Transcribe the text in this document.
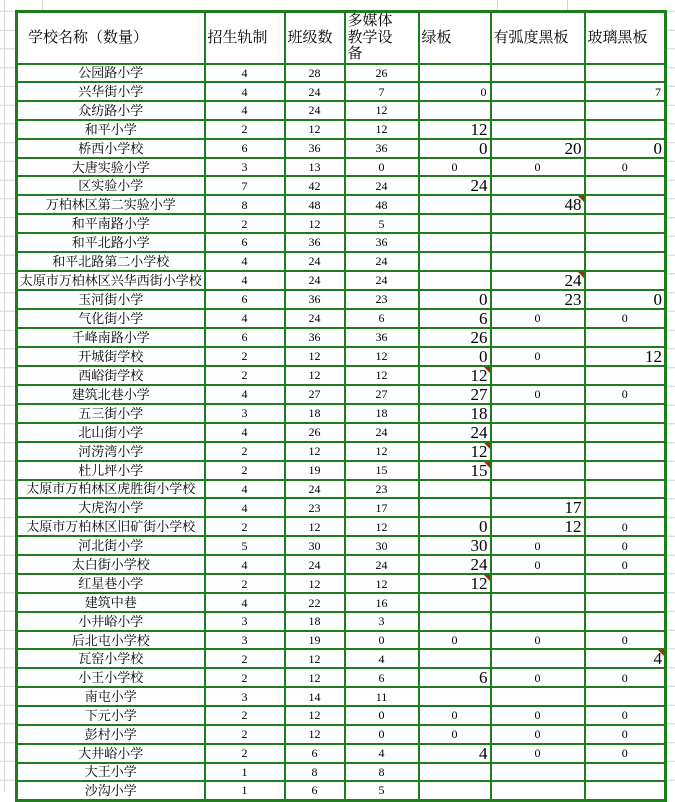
学校名称（数量）	招生轨制	班级数	多媒体教学设备	绿板	有弧度黑板	玻璃黑板
公园路小学	4	28	26			
兴华街小学	4	24	7	0		7
众纺路小学	4	24	12			
和平小学	2	12	12	12		
桥西小学校	6	36	36	0	20	0
大唐实验小学	3	13	0	0	0	0
区实验小学	7	42	24	24		
万柏林区第二实验小学	8	48	48		48

和平南路小学	2	12	5			
和平北路小学	6	36	36			
和平北路第二小学校	4	24	24			
太原市万柏林区兴华西街小学校	4	24	24		24

玉河街小学	6	36	23	0	23	0
气化街小学	4	24	6	6	0	0
千峰南路小学	6	36	36	26		
开城街学校	2	12	12	0	0	12
西峪街学校	2	12	12	12

建筑北巷小学	4	27	27	27	0	0
五三街小学	3	18	18	18		
北山街小学	4	26	24	24		
河涝湾小学	2	12	12	12

杜儿坪小学	2	19	15	15

太原市万柏林区虎胜街小学校	4	24	23			
大虎沟小学	4	23	17		17	
太原市万柏林区旧矿街小学校	2	12	12	0	12	0
河北街小学	5	30	30	30	0	0
太白街小学校	4	24	24	24	0	0
红星巷小学	2	12	12	12

建筑中巷	4	22	16			
小井峪小学	3	18	3			
后北屯小学校	3	19	0	0	0	0
瓦窑小学校	2	12	4			4

小王小学校	2	12	6	6	0	0
南屯小学	3	14	11			
下元小学	2	12	0	0	0	0
彭村小学	2	12	0	0	0	0
大井峪小学	2	6	4	4	0	0
大王小学	1	8	8			
沙沟小学	1	6	5			
